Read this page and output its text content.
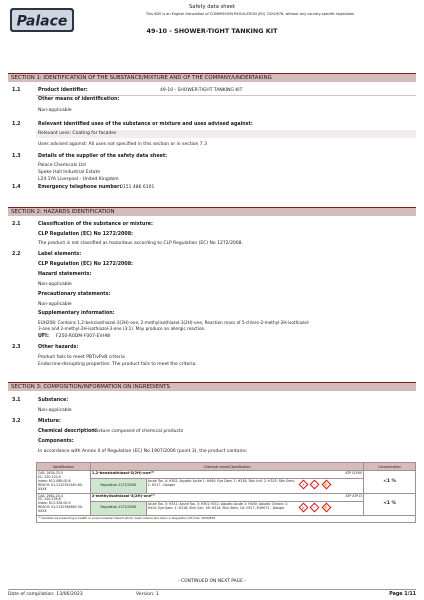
Palace
Safety data sheet
This SDS is an English translation of COMMISSION REGULATION (EU) 2020/878, without any country-specific legislation
49-10 - SHOWER-TIGHT TANKING KIT
SECTION 1: IDENTIFICATION OF THE SUBSTANCE/MIXTURE AND OF THE COMPANY/UNDERTAKING
1.1	Product identifier:	49-10 - SHOWER-TIGHT TANKING KIT
Other means of identification:
Non-applicable
1.2	Relevant identified uses of the substance or mixture and uses advised against:
Relevant uses: Coating for facades
Uses advised against: All uses not specified in this section or in section 7.3
1.3	Details of the supplier of the safety data sheet:
Palace Chemicals Ltd
Speke Hall Industrial Estate
L24 1YA Liverpool - United Kingdom
1.4	Emergency telephone number:
0151 486 6101
SECTION 2: HAZARDS IDENTIFICATION
2.1	Classification of the substance or mixture:
CLP Regulation (EC) No 1272/2008:
The product is not classified as hazardous according to CLP Regulation (EC) No 1272/2008.
2.2	Label elements:
CLP Regulation (EC) No 1272/2008:
Hazard statements:
Non-applicable
Precautionary statements:
Non-applicable
Supplementary information:
EUH208: Contains 1,2-benzisothiazol-3(2H)-one, 2-methylisothiazol-3(2H)-one, Reaction mass of 5-chloro-2-methyl-2H-isothiazol-
3-one and 2-methyl-2H-isothiazol-3-one (3:1). May produce an allergic reaction.
UFI: F250-R0DM-F007-EVHW
2.3	Other hazards:
Product fails to meet PBT/vPvB criteria
Endocrine-disrupting properties: The product fails to meet the criteria.
SECTION 3: COMPOSITION/INFORMATION ON INGREDIENTS
3.1	Substance:
Non-applicable
3.2	Mixture:
Chemical description:
Mixture composed of chemical products
Components:
In accordance with Annex II of Regulation (EC) No 1907/2006 (point 3), the product contains:
Identification	Chemical name/Classification		Concentration
CAS: 2634-33-5
EC: 220-120-9
Index: 613-088-00-6
REACH: 01-2120761540-60-XXXX	1,2-benzisothiazol-3(2H)-one⁽¹⁾ ATP CLP00		<1 %
	Regulation 1272/2008	Acute Tox. 4: H302; Aquatic Acute 1: H400; Eye Dam. 1: H318; Skin Irrit. 2: H315; Skin Sens. 1: H317 - Danger ! ~ ✋	
CAS: 2682-20-4
EC: 220-239-6
Index: 613-326-00-9
REACH: 01-2120764690-50-XXXX	2-methylisothiazol-3(2H)-one⁽¹⁾ ATP ATP13		<1 %
	Regulation 1272/2008	Acute Tox. 3: H331; Acute Tox. 3: H301 H311; Aquatic Acute 1: H400; Aquatic Chronic 1: H410; Eye Dam. 1: H318; Skin Corr. 1B: H314; Skin Sens. 1A: H317; EUH071 - Danger ☠ ~ ✋	
⁽¹⁾ Substances presenting a health or environmental hazard which meet criteria laid down in Regulation (EU) No. 2020/878			
- CONTINUED ON NEXT PAGE -
Date of compilation: 13/06/2023	Version: 1	Page 1/11
